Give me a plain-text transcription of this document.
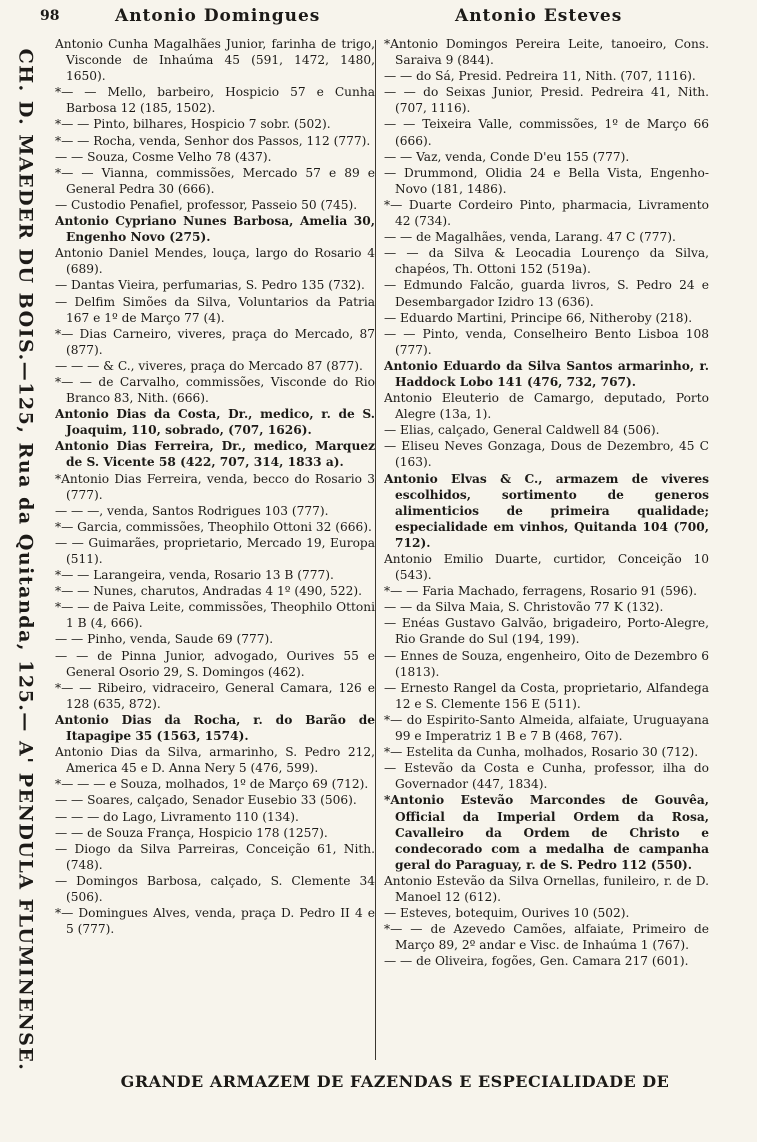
98	Antonio Domingues	Antonio Esteves
CH. D. MAEDER DU BOIS.—125, Rua da Quitanda, 125.— A' PENDULA FLUMINENSE.

Antonio Cunha Magalhães Junior, farinha de trigo, Visconde de Inhaúma 45 (591, 1472, 1480, 1650).

*— — Mello, barbeiro, Hospicio 57 e Cunha Barbosa 12 (185, 1502).

*— — Pinto, bilhares, Hospicio 7 sobr. (502).

*— — Rocha, venda, Senhor dos Passos, 112 (777).

— — Souza, Cosme Velho 78 (437).

*— — Vianna, commissões, Mercado 57 e 89 e General Pedra 30 (666).

— Custodio Penafiel, professor, Passeio 50 (745).

Antonio Cypriano Nunes Barbosa, Amelia 30, Engenho Novo (275).

Antonio Daniel Mendes, louça, largo do Rosario 4 (689).

— Dantas Vieira, perfumarias, S. Pedro 135 (732).

— Delfim Simões da Silva, Voluntarios da Patria 167 e 1º de Março 77 (4).

*— Dias Carneiro, viveres, praça do Mercado, 87 (877).

— — — & C., viveres, praça do Mercado 87 (877).

*— — de Carvalho, commissões, Visconde do Rio Branco 83, Nith. (666).

Antonio Dias da Costa, Dr., medico, r. de S. Joaquim, 110, sobrado, (707, 1626).

Antonio Dias Ferreira, Dr., medico, Marquez de S. Vicente 58 (422, 707, 314, 1833 a).

*Antonio Dias Ferreira, venda, becco do Rosario 3 (777).

— — —, venda, Santos Rodrigues 103 (777).

*— Garcia, commissões, Theophilo Ottoni 32 (666).

— — Guimarães, proprietario, Mercado 19, Europa (511).

*— — Larangeira, venda, Rosario 13 B (777).

*— — Nunes, charutos, Andradas 4 1º (490, 522).

*— — de Paiva Leite, commissões, Theophilo Ottoni 1 B (4, 666).

— — Pinho, venda, Saude 69 (777).

— — de Pinna Junior, advogado, Ourives 55 e General Osorio 29, S. Domingos (462).

*— — Ribeiro, vidraceiro, General Camara, 126 e 128 (635, 872).

Antonio Dias da Rocha, r. do Barão de Itapagipe 35 (1563, 1574).

Antonio Dias da Silva, armarinho, S. Pedro 212, America 45 e D. Anna Nery 5 (476, 599).

*— — — e Souza, molhados, 1º de Março 69 (712).

— — Soares, calçado, Senador Eusebio 33 (506).

— — — do Lago, Livramento 110 (134).

— — de Souza França, Hospicio 178 (1257).

— Diogo da Silva Parreiras, Conceição 61, Nith. (748).

— Domingos Barbosa, calçado, S. Clemente 34 (506).

*— Domingues Alves, venda, praça D. Pedro II 4 e 5 (777).

*Antonio Domingos Pereira Leite, tanoeiro, Cons. Saraiva 9 (844).

— — do Sá, Presid. Pedreira 11, Nith. (707, 1116).

— — do Seixas Junior, Presid. Pedreira 41, Nith. (707, 1116).

— — Teixeira Valle, commissões, 1º de Março 66 (666).

— — Vaz, venda, Conde D'eu 155 (777).

— Drummond, Olidia 24 e Bella Vista, Engenho-Novo (181, 1486).

*— Duarte Cordeiro Pinto, pharmacia, Livramento 42 (734).

— — de Magalhães, venda, Larang. 47 C (777).

— — da Silva & Leocadia Lourenço da Silva, chapéos, Th. Ottoni 152 (519a).

— Edmundo Falcão, guarda livros, S. Pedro 24 e Desembargador Izidro 13 (636).

— Eduardo Martini, Principe 66, Nitheroby (218).

— — Pinto, venda, Conselheiro Bento Lisboa 108 (777).

Antonio Eduardo da Silva Santos armarinho, r. Haddock Lobo 141 (476, 732, 767).

Antonio Eleuterio de Camargo, deputado, Porto Alegre (13a, 1).

— Elias, calçado, General Caldwell 84 (506).

— Eliseu Neves Gonzaga, Dous de Dezembro, 45 C (163).

Antonio Elvas & C., armazem de viveres escolhidos, sortimento de generos alimenticios de primeira qualidade; especialidade em vinhos, Quitanda 104 (700, 712).

Antonio Emilio Duarte, curtidor, Conceição 10 (543).

*— — Faria Machado, ferragens, Rosario 91 (596).

— — da Silva Maia, S. Christovão 77 K (132).

— Enéas Gustavo Galvão, brigadeiro, Porto-Alegre, Rio Grande do Sul (194, 199).

— Ennes de Souza, engenheiro, Oito de Dezembro 6 (1813).

— Ernesto Rangel da Costa, proprietario, Alfandega 12 e S. Clemente 156 E (511).

*— do Espirito-Santo Almeida, alfaiate, Uruguayana 99 e Imperatriz 1 B e 7 B (468, 767).

*— Estelita da Cunha, molhados, Rosario 30 (712).

— Estevão da Costa e Cunha, professor, ilha do Governador (447, 1834).

*Antonio Estevão Marcondes de Gouvêa, Official da Imperial Ordem da Rosa, Cavalleiro da Ordem de Christo e condecorado com a medalha de campanha geral do Paraguay, r. de S. Pedro 112 (550).

Antonio Estevão da Silva Ornellas, funileiro, r. de D. Manoel 12 (612).

— Esteves, botequim, Ourives 10 (502).

*— — de Azevedo Camões, alfaiate, Primeiro de Março 89, 2º andar e Visc. de Inhaúma 1 (767).

— — de Oliveira, fogões, Gen. Camara 217 (601).

GRANDE ARMAZEM DE FAZENDAS E ESPECIALIDADE DE
